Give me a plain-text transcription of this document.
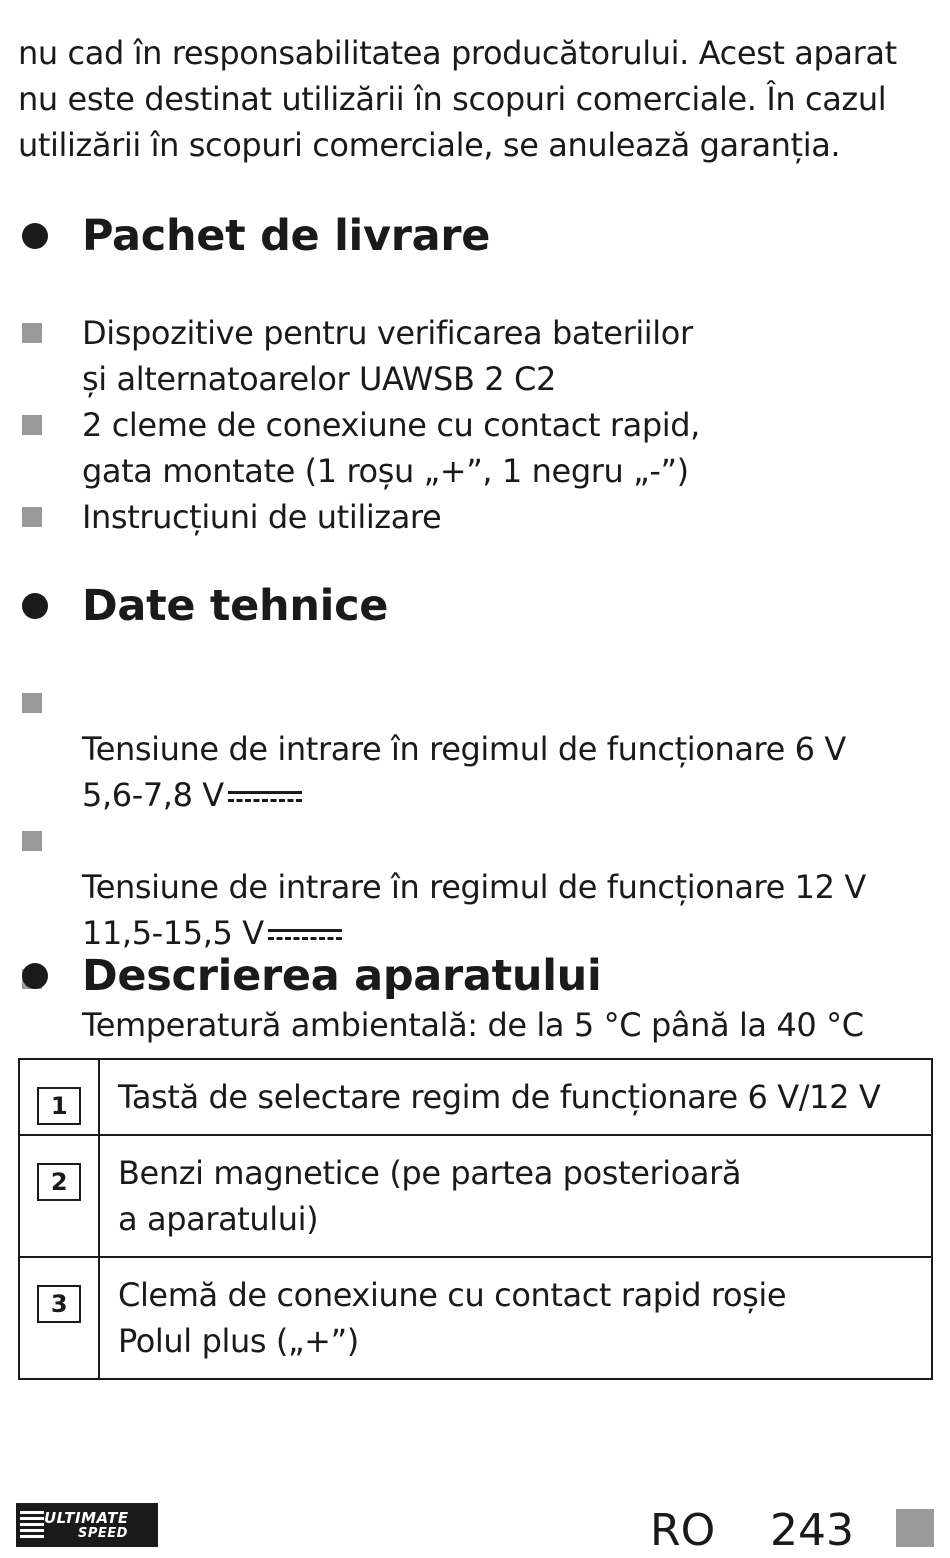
nu cad în responsabilitatea producătorului. Acest aparat
nu este destinat utilizării în scopuri comerciale. În cazul
utilizării în scopuri comerciale, se anulează garanția.
Pachet de livrare
Dispozitive pentru verificarea bateriilor
și alternatoarelor UAWSB 2 C2
2 cleme de conexiune cu contact rapid,
gata montate (1 roșu „+”, 1 negru „-”)
Instrucțiuni de utilizare
Date tehnice

Tensiune de intrare în regimul de funcționare 6 V
5,6-7,8 V

Tensiune de intrare în regimul de funcționare 12 V
11,5-15,5 V

Temperatură ambientală: de la 5 °C până la 40 °C

Descrierea aparatului
1	Tastă de selectare regim de funcționare 6 V/12 V
2	Benzi magnetice (pe partea posterioară
a aparatului)
3	Clemă de conexiune cu contact rapid roșie
Polul plus („+”)
ULTIMATE
SPEED	RO 243
